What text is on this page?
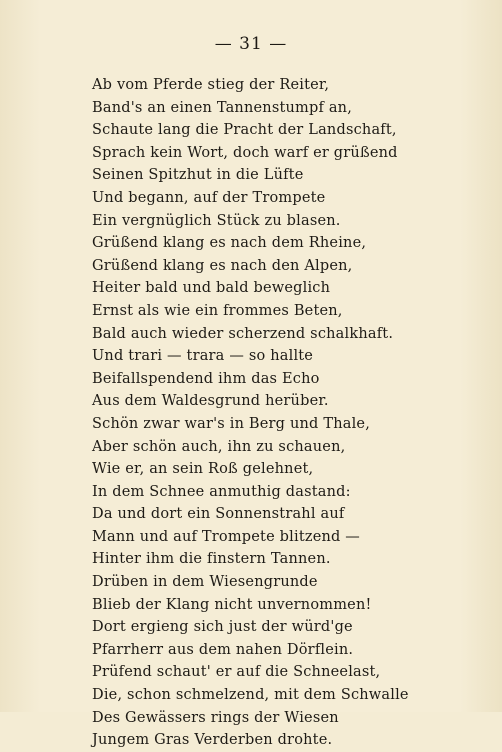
— 31 —
Ab vom Pferde stieg der Reiter,
Band's an einen Tannenstumpf an,
Schaute lang die Pracht der Landschaft,
Sprach kein Wort, doch warf er grüßend
Seinen Spitzhut in die Lüfte
Und begann, auf der Trompete
Ein vergnüglich Stück zu blasen.
Grüßend klang es nach dem Rheine,
Grüßend klang es nach den Alpen,
Heiter bald und bald beweglich
Ernst als wie ein frommes Beten,
Bald auch wieder scherzend schalkhaft.
Und trari — trara — so hallte
Beifallspendend ihm das Echo
Aus dem Waldesgrund herüber.
Schön zwar war's in Berg und Thale,
Aber schön auch, ihn zu schauen,
Wie er, an sein Roß gelehnet,
In dem Schnee anmuthig dastand:
Da und dort ein Sonnenstrahl auf
Mann und auf Trompete blitzend —
Hinter ihm die finstern Tannen.
Drüben in dem Wiesengrunde
Blieb der Klang nicht unvernommen!
Dort ergieng sich just der würd'ge
Pfarrherr aus dem nahen Dörflein.
Prüfend schaut' er auf die Schneelast,
Die, schon schmelzend, mit dem Schwalle
Des Gewässers rings der Wiesen
Jungem Gras Verderben drohte.
